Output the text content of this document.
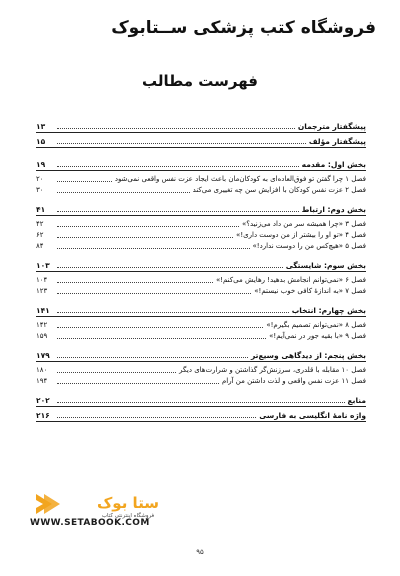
فروشگاه کتب پزشکی ســتابوک
فهرست مطالب
پیشگفتار مترجمان
۱۳
پیشگفتار مؤلف
۱۵
بخش اول: مقدمه
۱۹
فصل ۱ چرا گفتن تو فوق‌العاده‌ای به کودکان‌مان باعث ایجاد عزت نفس واقعی نمی‌شود
۲۰
فصل ۲ عزت نفس کودکان با افزایش سن چه تغییری می‌کند
۳۰
بخش دوم: ارتباط
۴۱
فصل ۳ «چرا همیشه سر من داد می‌زنید؟»
۴۲
فصل ۴ «تو او را بیشتر از من دوست داری!»
۶۲
فصل ۵ «هیچ‌کس من را دوست ندارد!»
۸۴
بخش سوم: شایستگی
۱۰۳
فصل ۶ «نمی‌توانم انجامش بدهید! رهایش می‌کنم!»
۱۰۴
فصل ۷ «به اندازهٔ کافی خوب نیستم!»
۱۲۳
بخش چهارم: انتخاب
۱۴۱
فصل ۸ «نمی‌توانم تصمیم بگیرم!»
۱۴۲
فصل ۹ «با بقیه جور در نمی‌آیم!»
۱۵۹
بخش پنجم: از دیدگاهی وسیع‌تر
۱۷۹
فصل ۱۰ مقابله با قلدری، سرزنش‌گر گذاشتن و شرارت‌های دیگر
۱۸۰
فصل ۱۱ عزت نفس واقعی و لذت داشتن من آرام
۱۹۴
منابع
۲۰۲
واژه نامهٔ انگلیسی به فارسی
۲۱۶
ستا بوک
فروشگاه اینترنتی کتاب
WWW.SETABOOK.COM
۹۵
